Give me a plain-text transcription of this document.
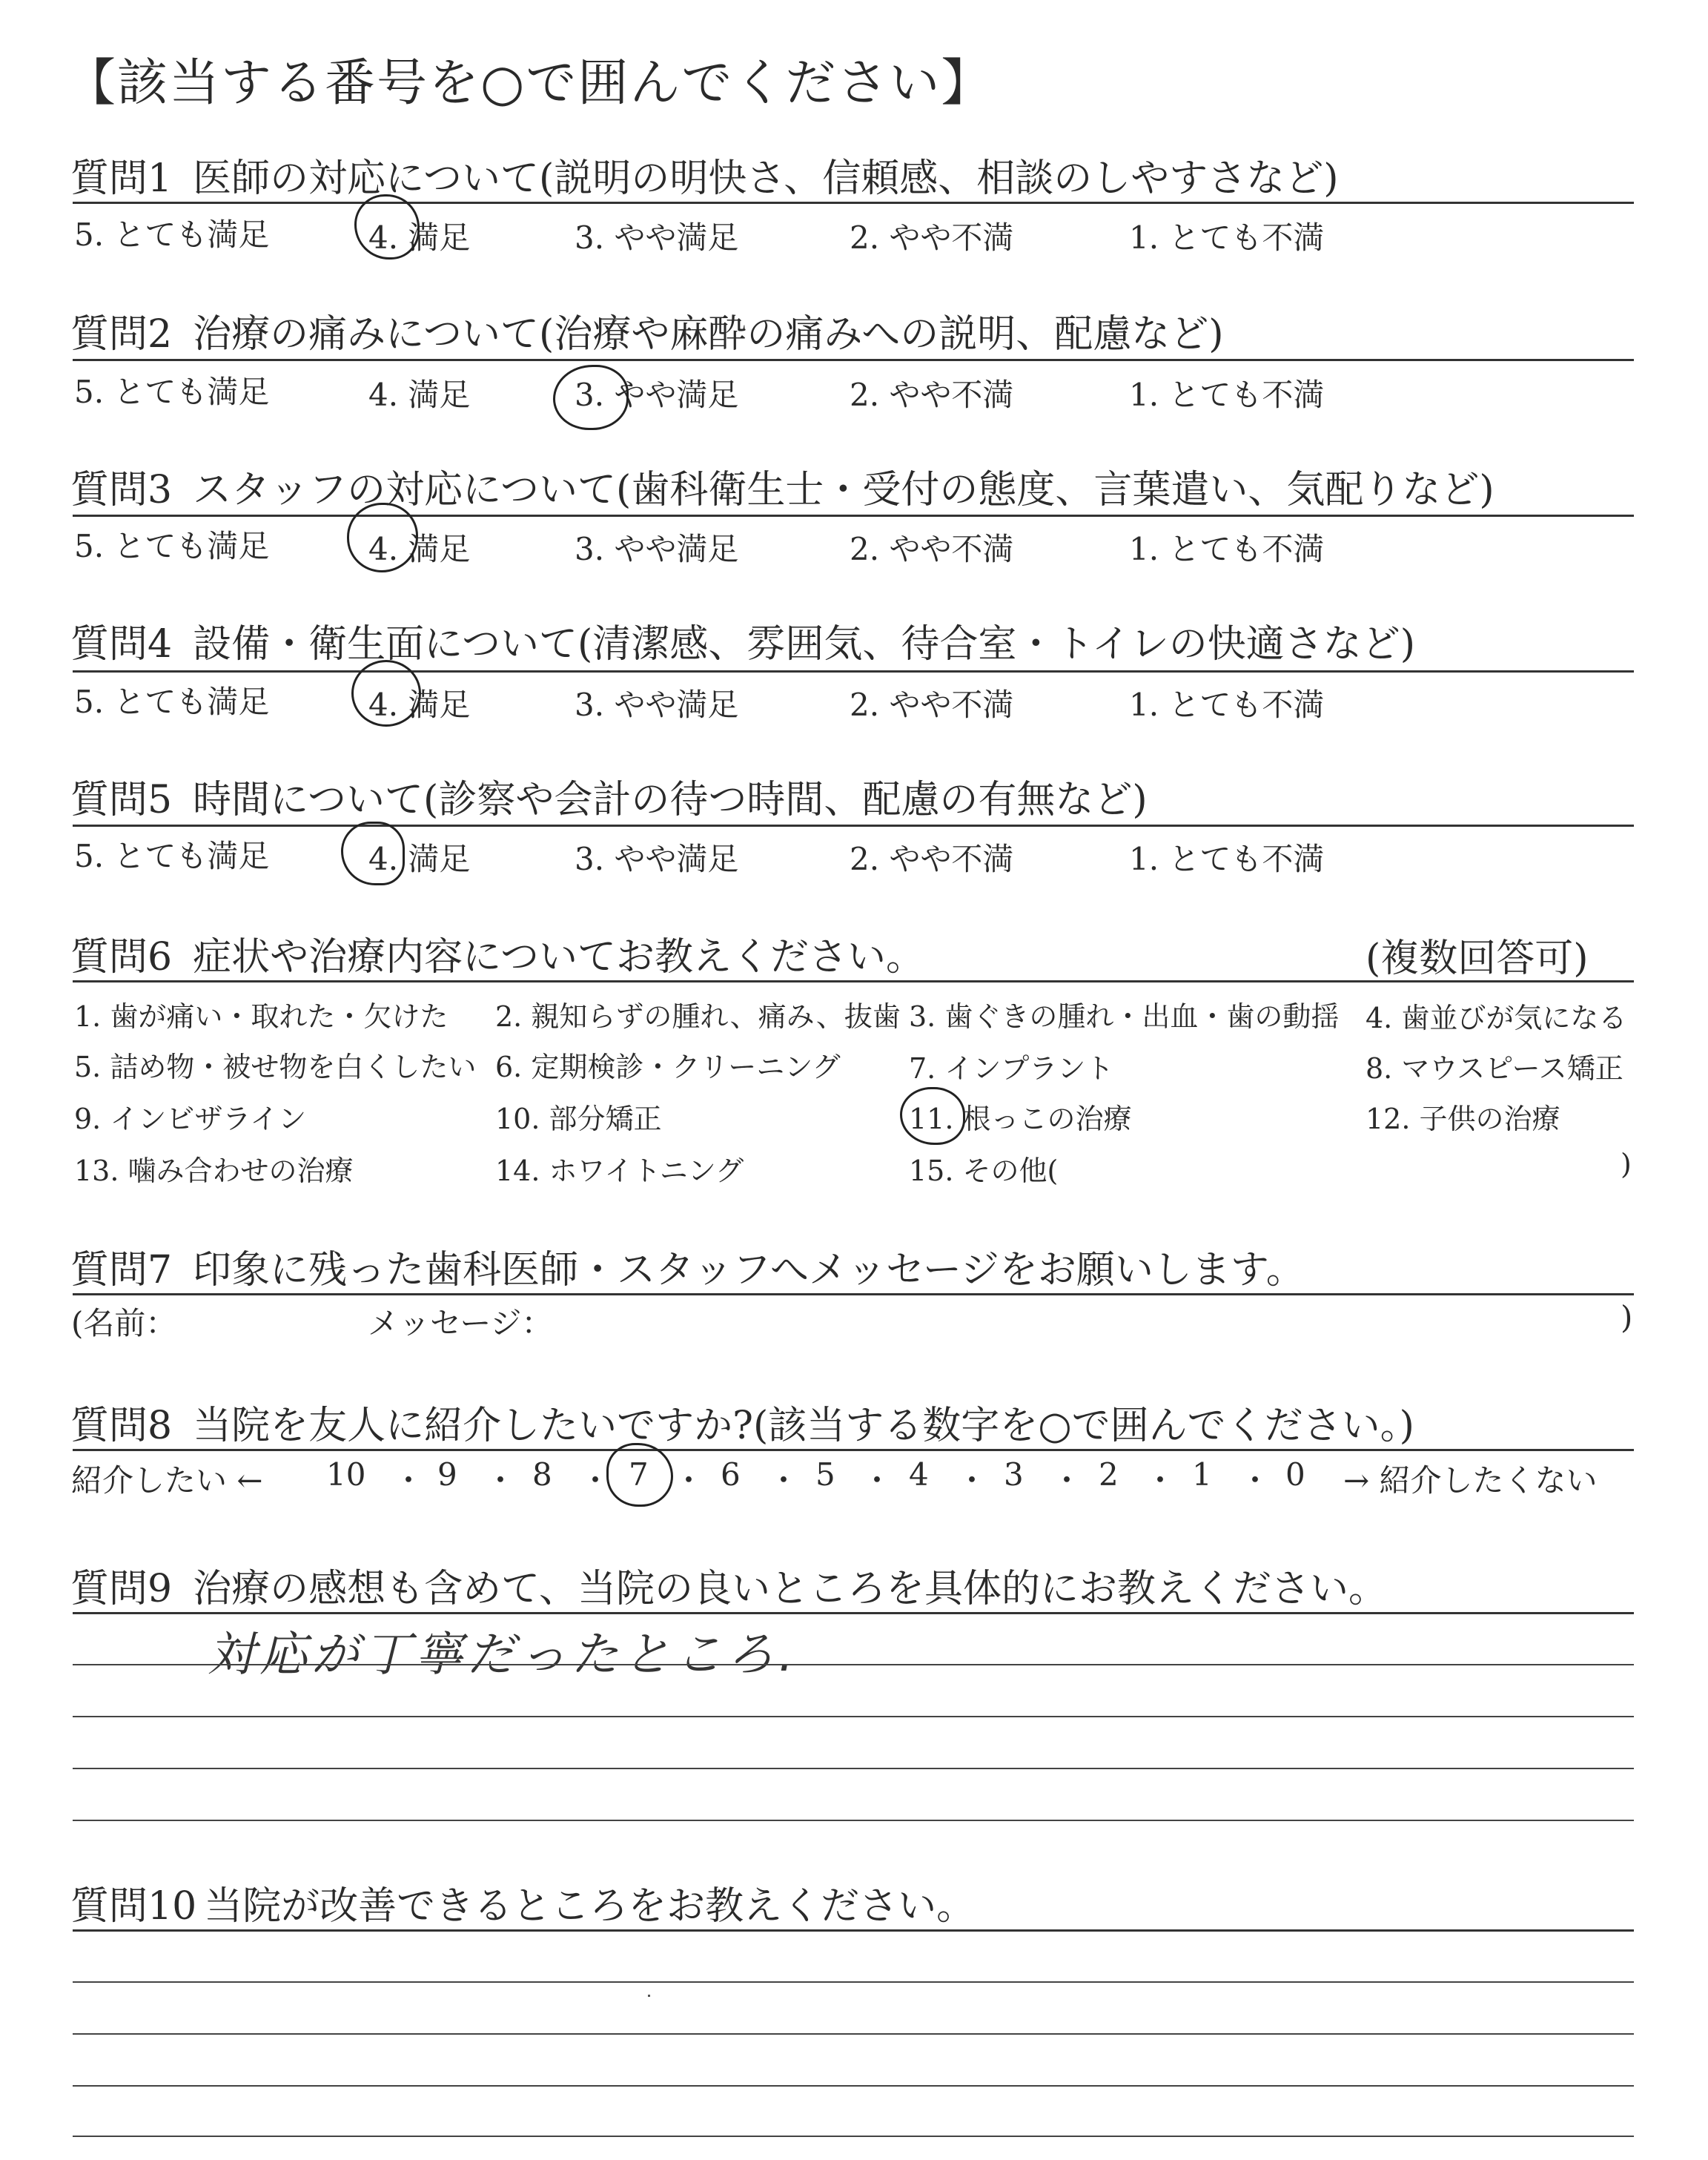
【該当する番号を○で囲んでください】
質問1 医師の対応について(説明の明快さ、信頼感、相談のしやすさなど)
5. とても満足	4. 満足	3. やや満足	2. やや不満	1. とても不満
質問2 治療の痛みについて(治療や麻酔の痛みへの説明、配慮など)
5. とても満足	4. 満足	3. やや満足	2. やや不満	1. とても不満
質問3 スタッフの対応について(歯科衛生士・受付の態度、言葉遣い、気配りなど)
5. とても満足	4. 満足	3. やや満足	2. やや不満	1. とても不満
質問4 設備・衛生面について(清潔感、雰囲気、待合室・トイレの快適さなど)
5. とても満足	4. 満足	3. やや満足	2. やや不満	1. とても不満
質問5 時間について(診察や会計の待つ時間、配慮の有無など)
5. とても満足	4. 満足	3. やや満足	2. やや不満	1. とても不満
質問6 症状や治療内容についてお教えください。	(複数回答可)
1. 歯が痛い・取れた・欠けた 2. 親知らずの腫れ、痛み、抜歯 3. 歯ぐきの腫れ・出血・歯の動揺 4. 歯並びが気になる
5. 詰め物・被せ物を白くしたい 6. 定期検診・クリーニング 7. インプラント	8. マウスピース矯正
9. インビザライン	10. 部分矯正	11. 根っこの治療	12. 子供の治療
13. 噛み合わせの治療	14. ホワイトニング	15. その他(	)
質問7 印象に残った歯科医師・スタッフへメッセージをお願いします。
(名前：	メッセージ：	)
質問8 当院を友人に紹介したいですか?(該当する数字を○で囲んでください。)
紹介したい ← 10 ・ 9 ・ 8 ・ 7 ・ 6 ・ 5 ・ 4 ・ 3 ・ 2 ・ 1 ・ 0 → 紹介したくない
質問9 治療の感想も含めて、当院の良いところを具体的にお教えください。
対応が丁寧だったところ.
質問10 当院が改善できるところをお教えください。
